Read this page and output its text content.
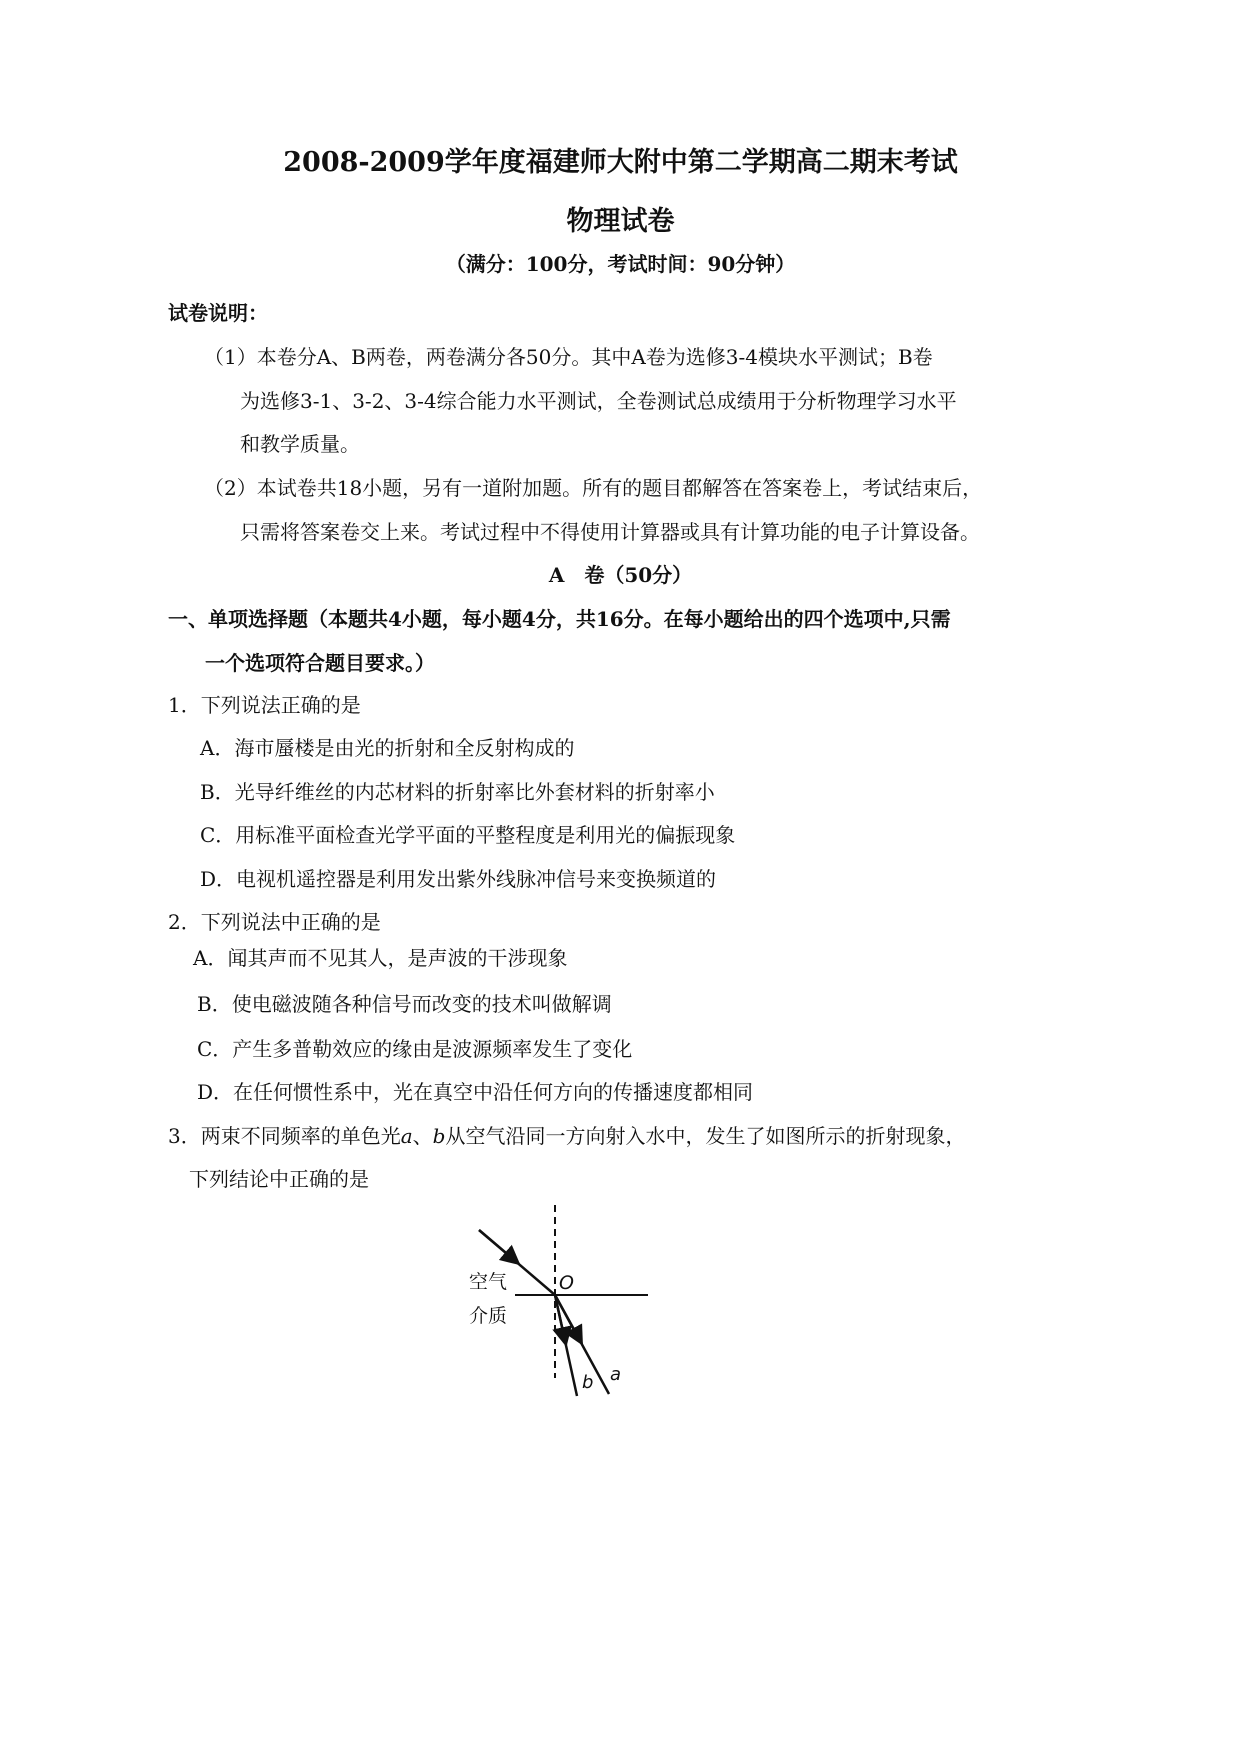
2008-2009学年度福建师大附中第二学期高二期末考试
物理试卷
（满分：100分，考试时间：90分钟）
试卷说明：
（1）本卷分A、B两卷，两卷满分各50分。其中A卷为选修3-4模块水平测试；B卷
为选修3-1、3-2、3-4综合能力水平测试，全卷测试总成绩用于分析物理学习水平
和教学质量。
（2）本试卷共18小题，另有一道附加题。所有的题目都解答在答案卷上，考试结束后，
只需将答案卷交上来。考试过程中不得使用计算器或具有计算功能的电子计算设备。
A　卷（50分）
一、单项选择题（本题共4小题，每小题4分，共16分。在每小题给出的四个选项中,只需
一个选项符合题目要求。）
1．下列说法正确的是
A．海市蜃楼是由光的折射和全反射构成的
B．光导纤维丝的内芯材料的折射率比外套材料的折射率小
C．用标准平面检查光学平面的平整程度是利用光的偏振现象
D．电视机遥控器是利用发出紫外线脉冲信号来变换频道的
2．下列说法中正确的是
A．闻其声而不见其人，是声波的干涉现象
B．使电磁波随各种信号而改变的技术叫做解调
C．产生多普勒效应的缘由是波源频率发生了变化
D．在任何惯性系中，光在真空中沿任何方向的传播速度都相同
3．两束不同频率的单色光a、b从空气沿同一方向射入水中，发生了如图所示的折射现象，
下列结论中正确的是
空气
介质
O
b a
